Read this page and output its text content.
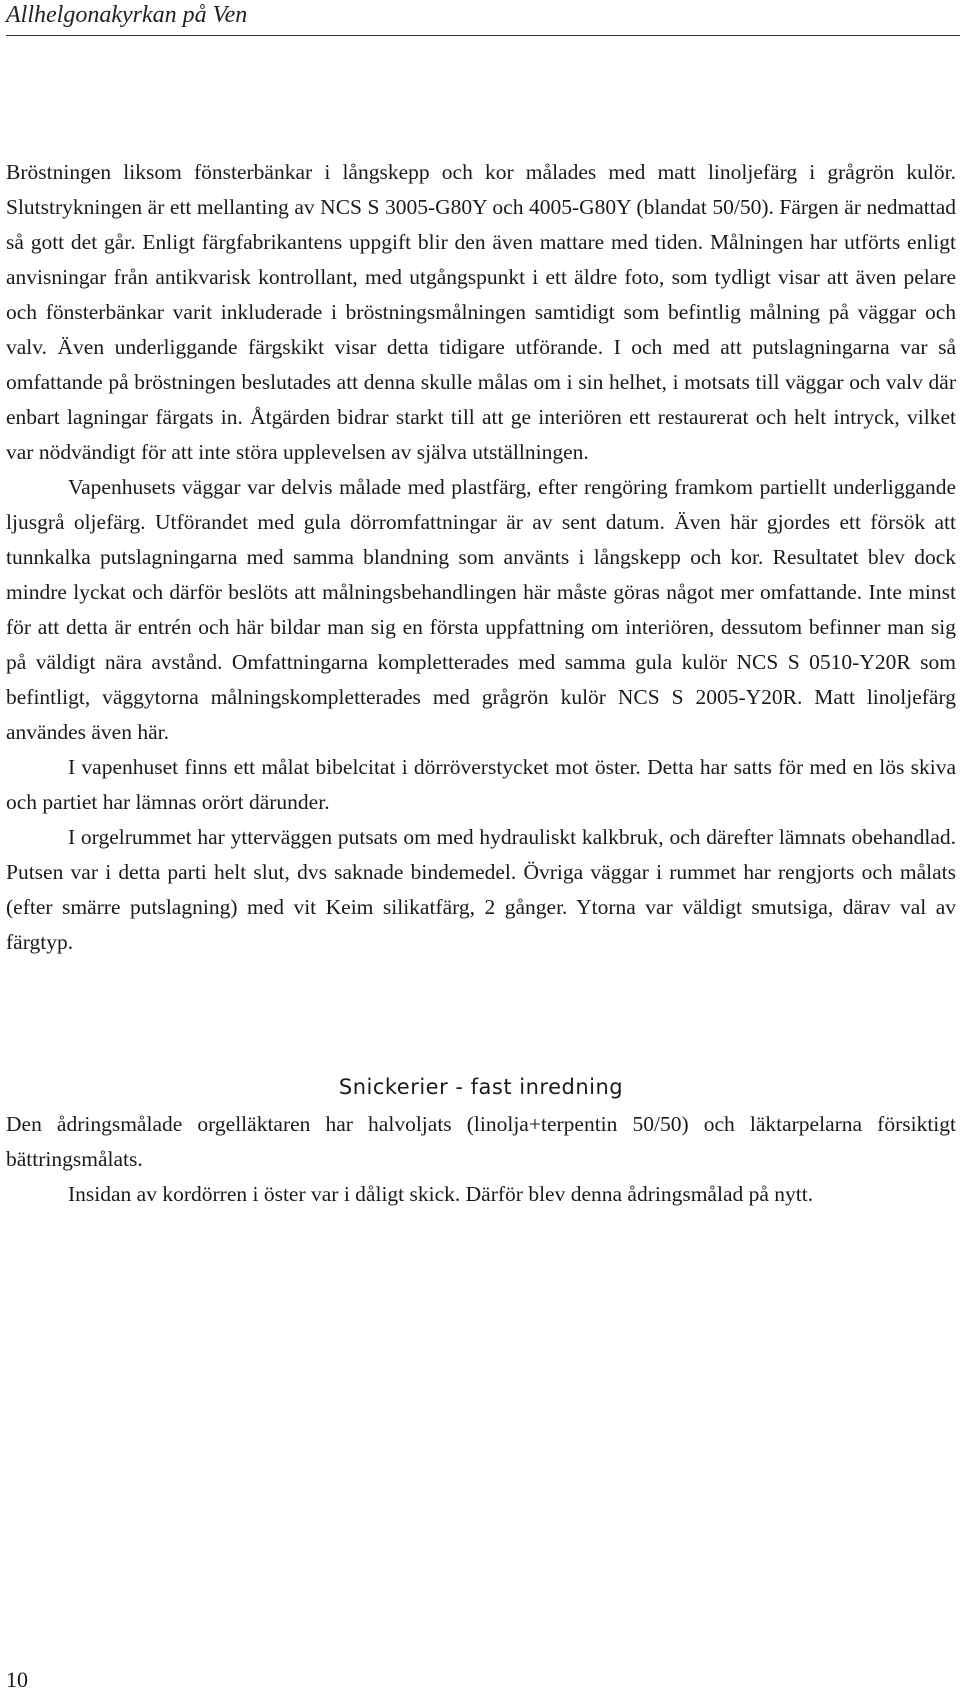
Allhelgonakyrkan på Ven

Bröstningen liksom fönsterbänkar i långskepp och kor målades med matt linoljefärg i grågrön kulör. Slutstrykningen är ett mellanting av NCS S 3005-G80Y och 4005-G80Y (blandat 50/50). Färgen är nedmattad så gott det går. Enligt färgfabrikantens uppgift blir den även mattare med tiden. Målningen har utförts enligt anvisningar från antikvarisk kontrollant, med utgångspunkt i ett äldre foto, som tydligt visar att även pelare och fönsterbänkar varit inkluderade i bröstningsmålningen samtidigt som befintlig målning på väggar och valv. Även underliggande färgskikt visar detta tidigare utförande. I och med att putslagningarna var så omfattande på bröstningen beslutades att denna skulle målas om i sin helhet, i motsats till väggar och valv där enbart lagningar färgats in. Åtgärden bidrar starkt till att ge interiören ett restaurerat och helt intryck, vilket var nödvändigt för att inte störa upplevelsen av själva utställningen.

Vapenhusets väggar var delvis målade med plastfärg, efter rengöring framkom partiellt underliggande ljusgrå oljefärg. Utförandet med gula dörromfattningar är av sent datum. Även här gjordes ett försök att tunnkalka putslagningarna med samma blandning som använts i långskepp och kor. Resultatet blev dock mindre lyckat och därför beslöts att målningsbehandlingen här måste göras något mer omfattande. Inte minst för att detta är entrén och här bildar man sig en första uppfattning om interiören, dessutom befinner man sig på väldigt nära avstånd. Omfattningarna kompletterades med samma gula kulör NCS S 0510-Y20R som befintligt, väggytorna målningskompletterades med grågrön kulör NCS S 2005-Y20R. Matt linoljefärg användes även här.

I vapenhuset finns ett målat bibelcitat i dörröverstycket mot öster. Detta har satts för med en lös skiva och partiet har lämnas orört därunder.

I orgelrummet har ytterväggen putsats om med hydrauliskt kalkbruk, och därefter lämnats obehandlad. Putsen var i detta parti helt slut, dvs saknade bindemedel. Övriga väggar i rummet har rengjorts och målats (efter smärre putslagning) med vit Keim silikatfärg, 2 gånger. Ytorna var väldigt smutsiga, därav val av färgtyp.

Snickerier - fast inredning

Den ådringsmålade orgelläktaren har halvoljats (linolja+terpentin 50/50) och läktarpelarna försiktigt bättringsmålats.

Insidan av kordörren i öster var i dåligt skick. Därför blev denna ådringsmålad på nytt.

10
